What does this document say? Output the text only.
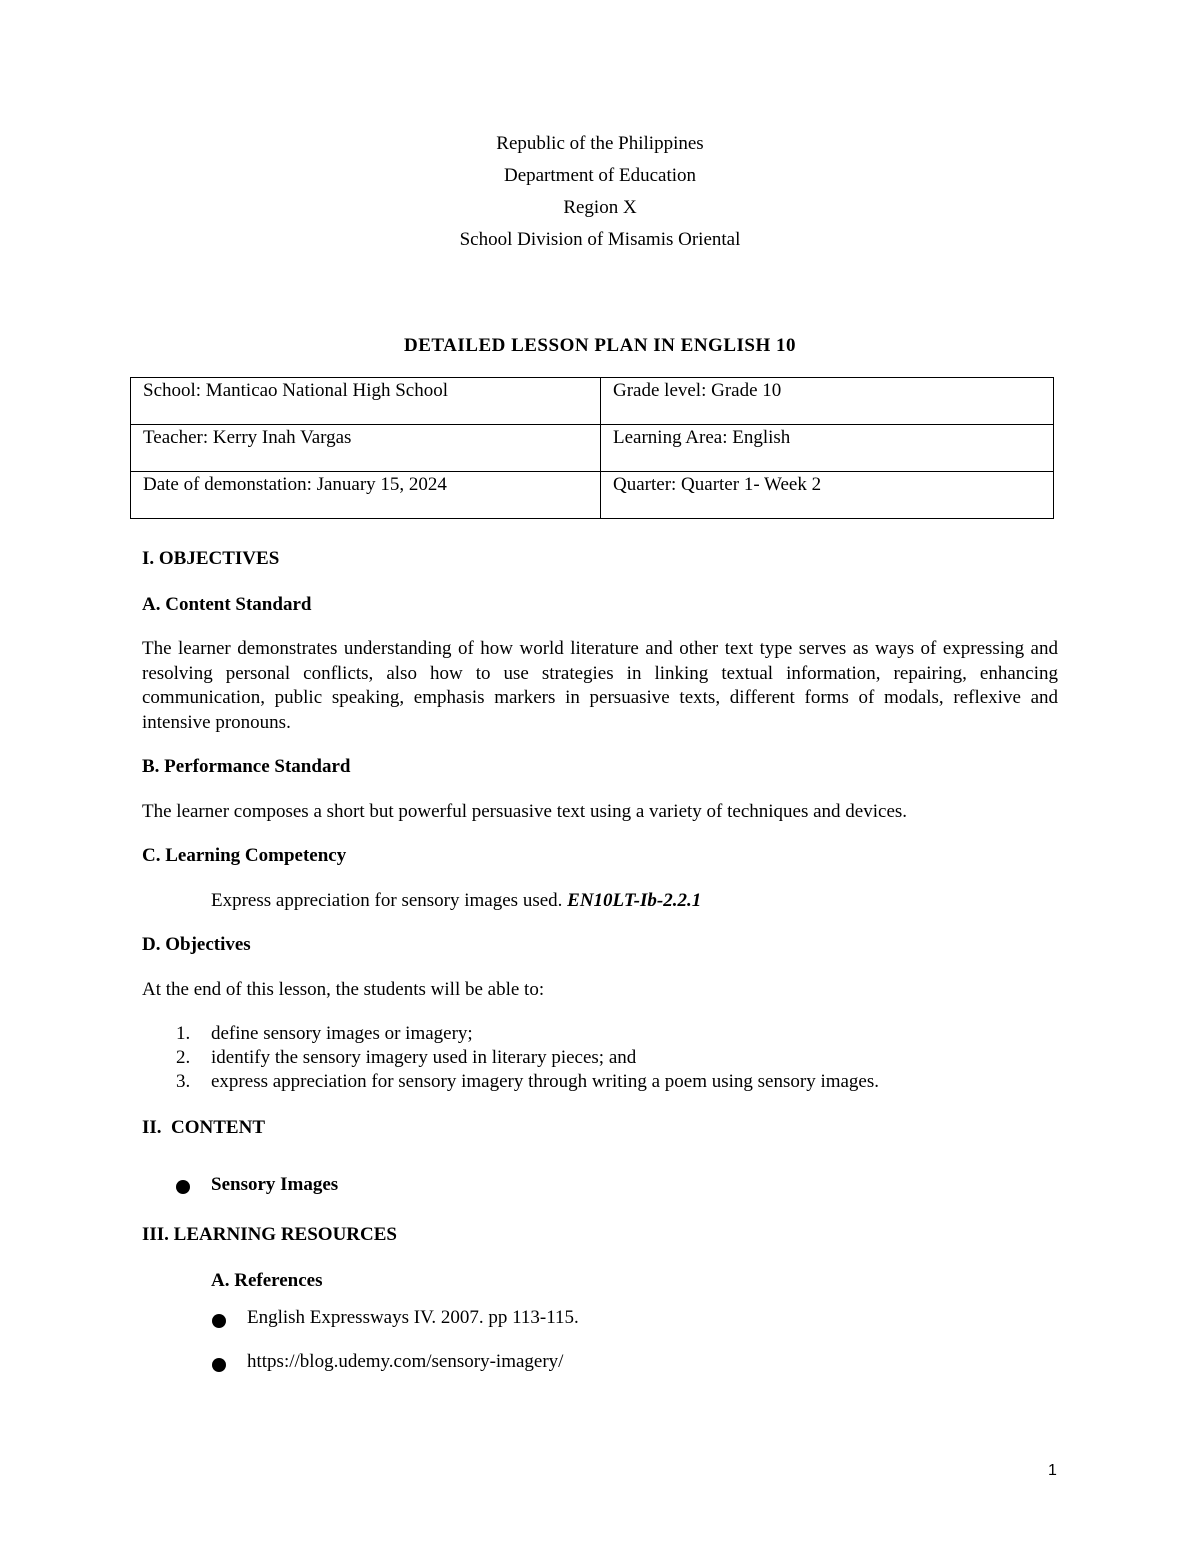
Republic of the Philippines
Department of Education
Region X
School Division of Misamis Oriental
DETAILED LESSON PLAN IN ENGLISH 10
School: Manticao National High School	Grade level: Grade 10
Teacher: Kerry Inah Vargas	Learning Area: English
Date of demonstation: January 15, 2024	Quarter: Quarter 1- Week 2
I. OBJECTIVES
A. Content Standard
The learner demonstrates understanding of how world literature and other text type serves as ways of expressing and resolving personal conflicts, also how to use strategies in linking textual information, repairing, enhancing communication, public speaking, emphasis markers in persuasive texts, different forms of modals, reflexive and intensive pronouns.
B. Performance Standard
The learner composes a short but powerful persuasive text using a variety of techniques and devices.
C. Learning Competency
Express appreciation for sensory images used. EN10LT-Ib-2.2.1
D. Objectives
At the end of this lesson, the students will be able to:
1. define sensory images or imagery;
2. identify the sensory imagery used in literary pieces; and
3. express appreciation for sensory imagery through writing a poem using sensory images.
II.  CONTENT
Sensory Images
III. LEARNING RESOURCES
A. References
English Expressways IV. 2007. pp 113-115.
https://blog.udemy.com/sensory-imagery/
1
